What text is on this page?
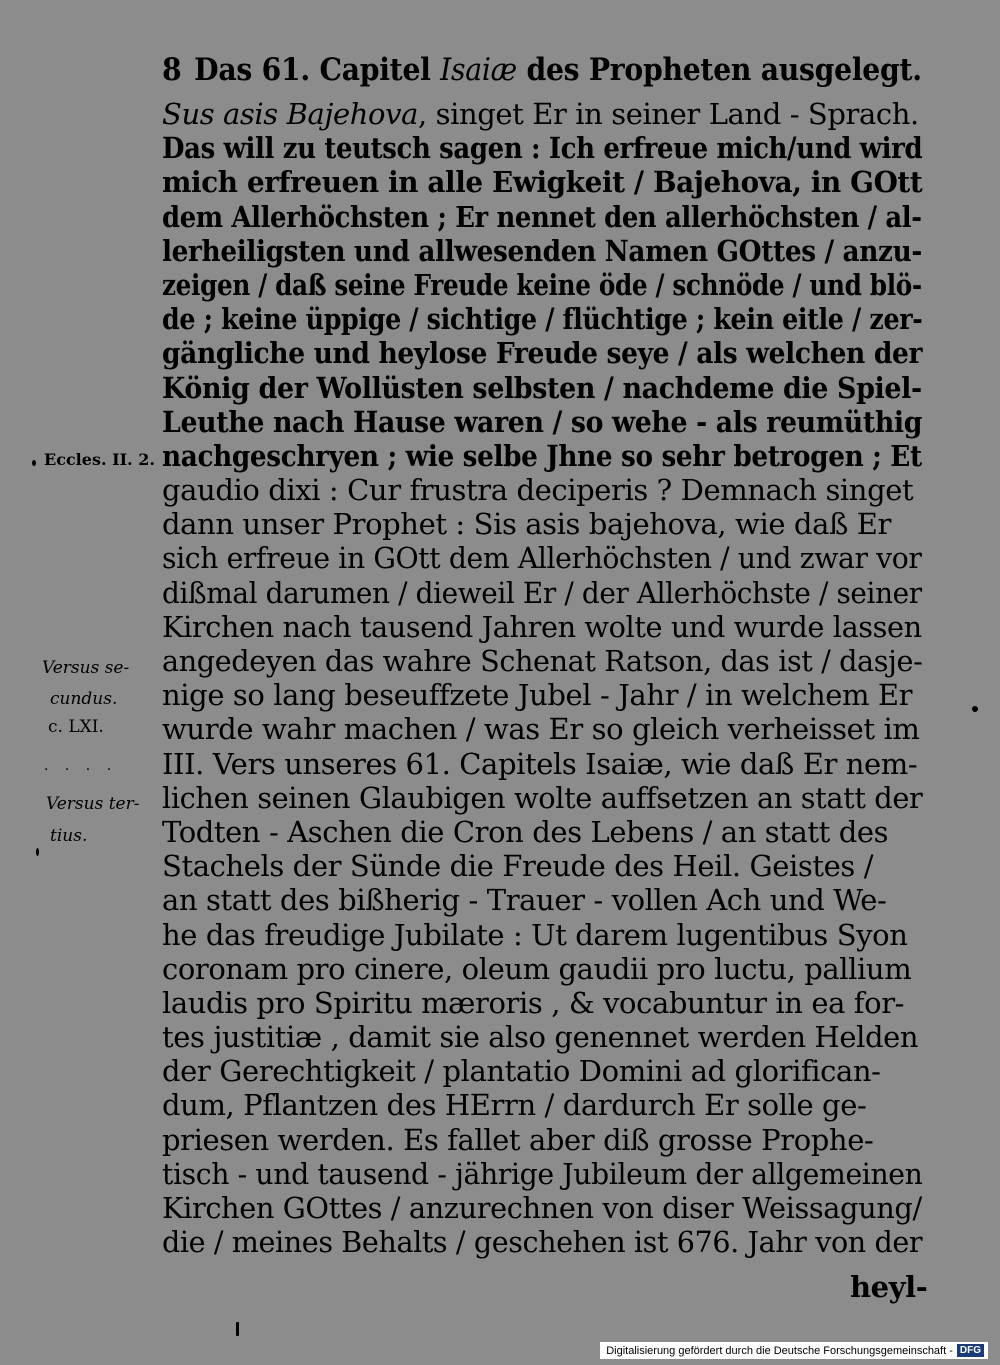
8 Das 61. Capitel Isaiæ des Propheten ausgelegt.
Sus asis Bajehova, singet Er in seiner Land - Sprach.
Das will zu teutsch sagen : Ich erfreue mich/und wird
mich erfreuen in alle Ewigkeit / Bajehova, in GOtt
dem Allerhöchsten ; Er nennet den allerhöchsten / al-
lerheiligsten und allwesenden Namen GOttes / anzu-
zeigen / daß seine Freude keine öde / schnöde / und blö-
de ; keine üppige / sichtige / flüchtige ; kein eitle / zer-
gängliche und heylose Freude seye / als welchen der
König der Wollüsten selbsten / nachdeme die Spiel-
Leuthe nach Hause waren / so wehe - als reumüthig
nachgeschryen ; wie selbe Jhne so sehr betrogen ; Et
gaudio dixi : Cur frustra deciperis ? Demnach singet
dann unser Prophet : Sis asis bajehova, wie daß Er
sich erfreue in GOtt dem Allerhöchsten / und zwar vor
dißmal darumen / dieweil Er / der Allerhöchste / seiner
Kirchen nach tausend Jahren wolte und wurde lassen
angedeyen das wahre Schenat Ratson, das ist / dasje-
nige so lang beseuffzete Jubel - Jahr / in welchem Er
wurde wahr machen / was Er so gleich verheisset im
III. Vers unseres 61. Capitels Isaiæ, wie daß Er nem-
lichen seinen Glaubigen wolte auffsetzen an statt der
Todten - Aschen die Cron des Lebens / an statt des
Stachels der Sünde die Freude des Heil. Geistes /
an statt des bißherig - Trauer - vollen Ach und We-
he das freudige Jubilate : Ut darem lugentibus Syon
coronam pro cinere, oleum gaudii pro luctu, pallium
laudis pro Spiritu mæroris , & vocabuntur in ea for-
tes justitiæ , damit sie also genennet werden Helden
der Gerechtigkeit / plantatio Domini ad glorifican-
dum, Pflantzen des HErrn / dardurch Er solle ge-
priesen werden. Es fallet aber diß grosse Prophe-
tisch - und tausend - jährige Jubileum der allgemeinen
Kirchen GOttes / anzurechnen von diser Weissagung/
die / meines Behalts / geschehen ist 676. Jahr von der
heyl-
Eccles. II. 2.
Versus se-
cundus.
c. LXI.
. . . .
Versus ter-
tius.
Digitalisierung gefördert durch die Deutsche Forschungsgemeinschaft - DFG
